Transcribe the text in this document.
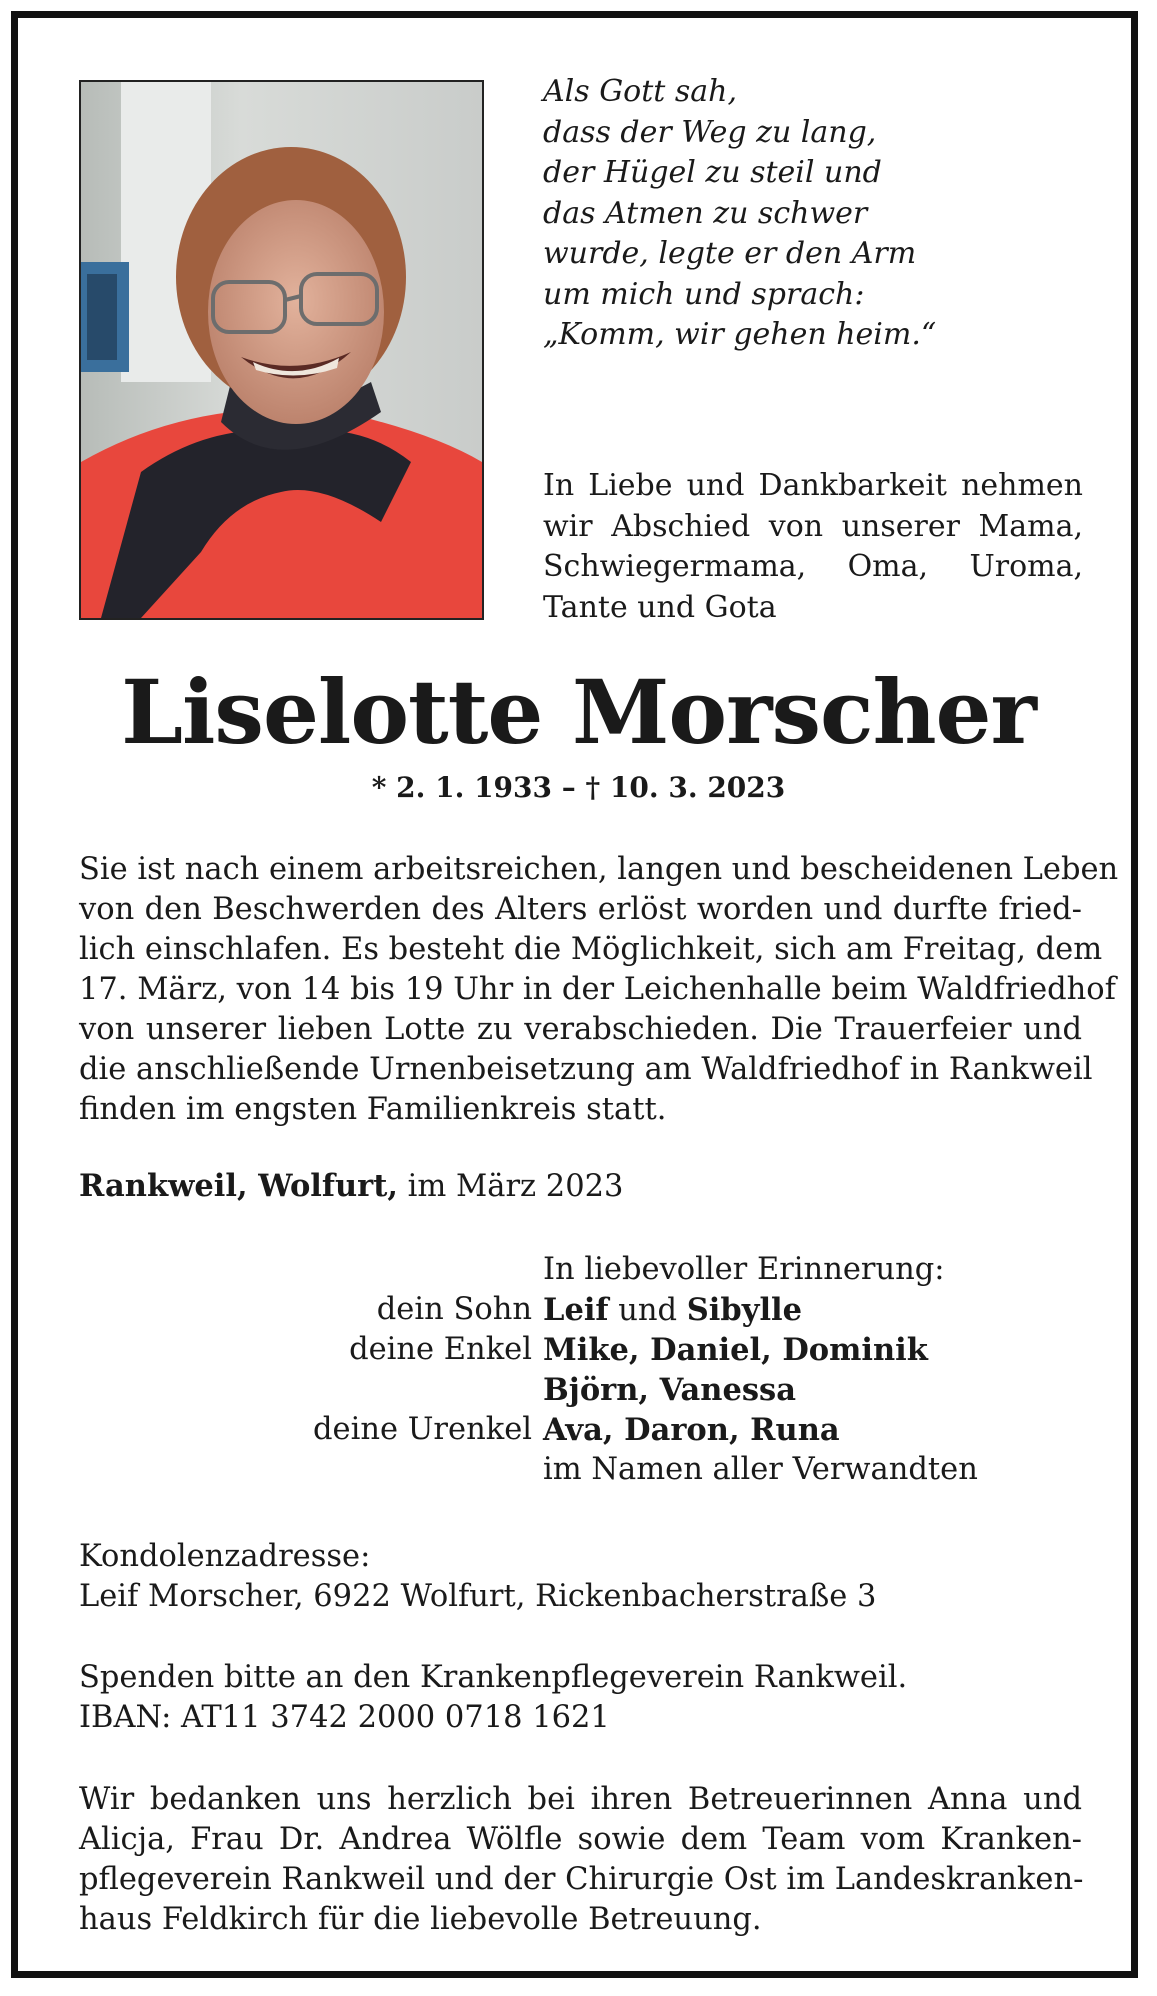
Als Gott sah,
dass der Weg zu lang,
der Hügel zu steil und
das Atmen zu schwer
wurde, legte er den Arm
um mich und sprach:
„Komm, wir gehen heim.“
In Liebe und Dankbarkeit nehmen
wir Abschied von unserer Mama,
Schwiegermama, Oma, Uroma,
Tante und Gota
Liselotte Morscher
* 2. 1. 1933 – † 10. 3. 2023
Sie ist nach einem arbeitsreichen, langen und bescheidenen Leben
von den Beschwerden des Alters erlöst worden und durfte fried-
lich einschlafen. Es besteht die Möglichkeit, sich am Freitag, dem
17. März, von 14 bis 19 Uhr in der Leichenhalle beim Waldfriedhof
von unserer lieben Lotte zu verabschieden. Die Trauerfeier und
die anschließende Urnenbeisetzung am Waldfriedhof in Rankweil
finden im engsten Familienkreis statt.
Rankweil, Wolfurt, im März 2023
In liebevoller Erinnerung:
dein Sohn Leif und Sibylle
deine Enkel Mike, Daniel, Dominik
Björn, Vanessa
deine Urenkel Ava, Daron, Runa
im Namen aller Verwandten
Kondolenzadresse:
Leif Morscher, 6922 Wolfurt, Rickenbacherstraße 3
Spenden bitte an den Krankenpflegeverein Rankweil.
IBAN: AT11 3742 2000 0718 1621
Wir bedanken uns herzlich bei ihren Betreuerinnen Anna und
Alicja, Frau Dr. Andrea Wölfle sowie dem Team vom Kranken-
pflegeverein Rankweil und der Chirurgie Ost im Landeskranken-
haus Feldkirch für die liebevolle Betreuung.
